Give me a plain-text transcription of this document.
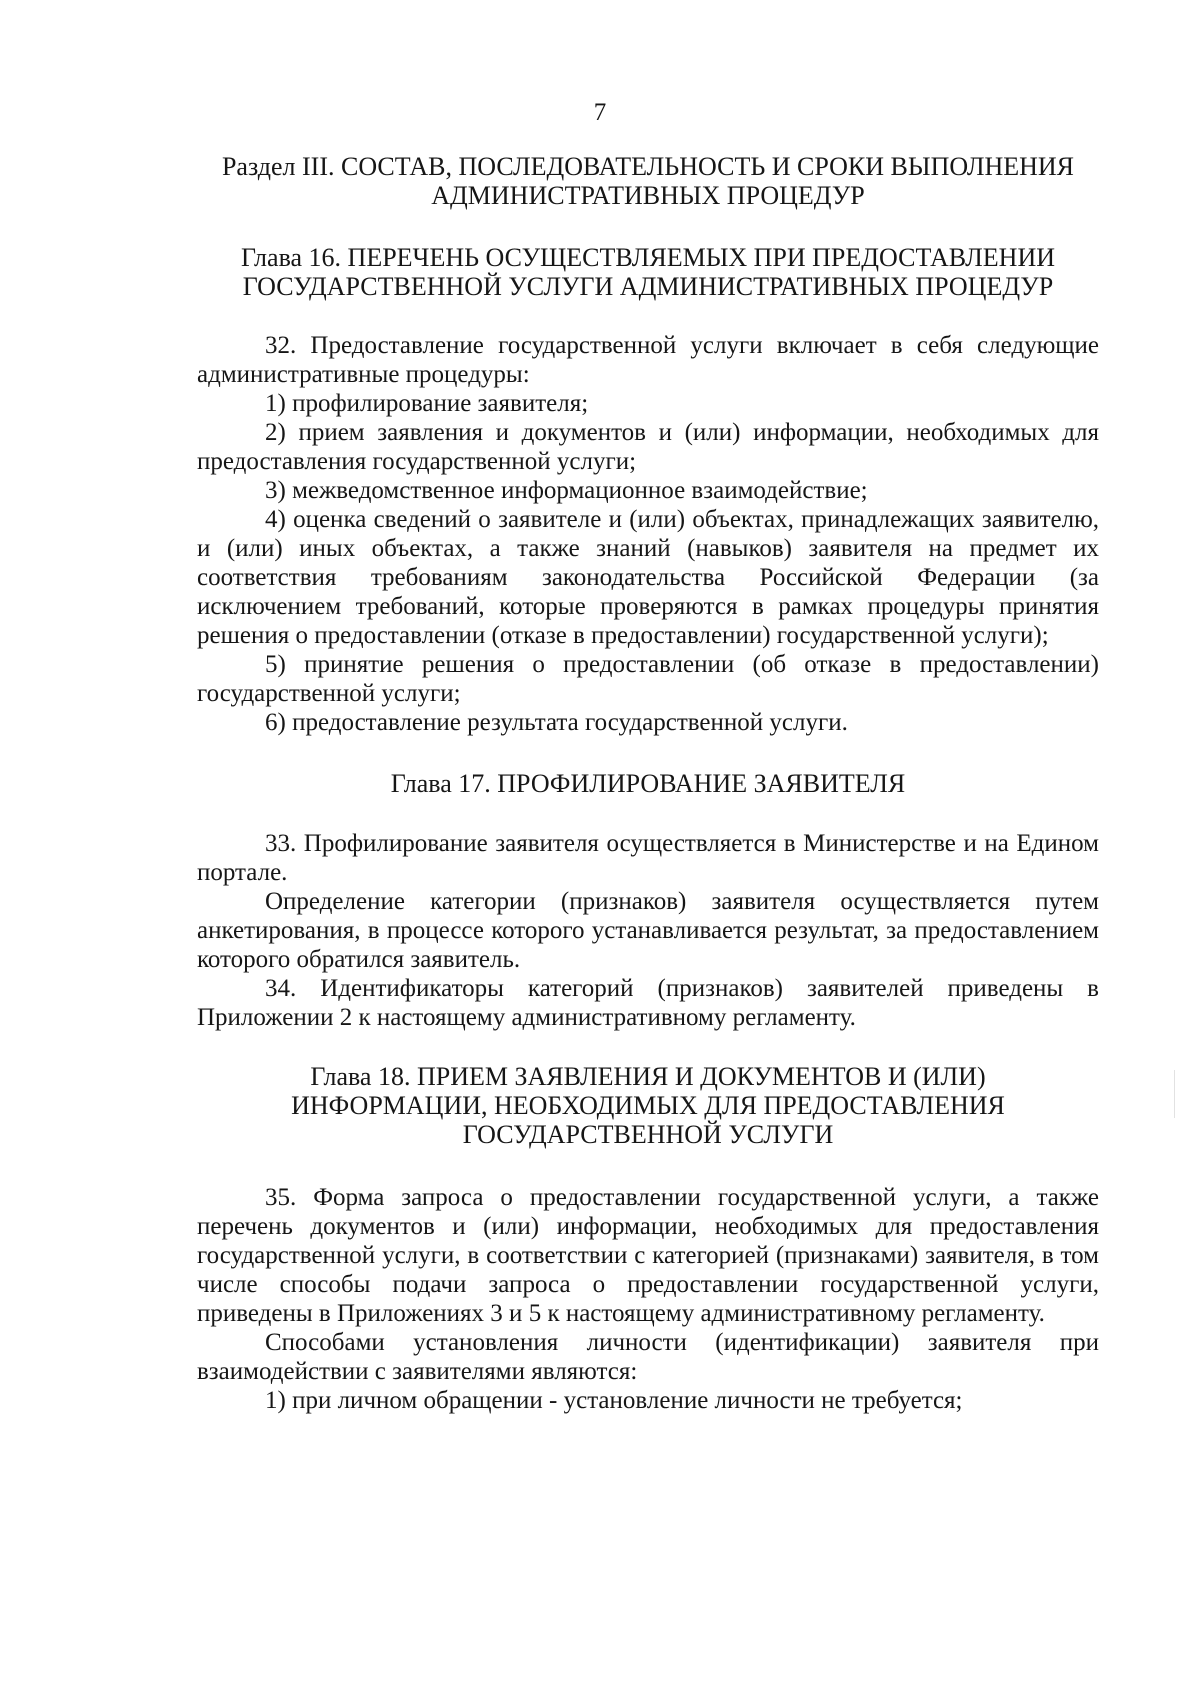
7
Раздел III. СОСТАВ, ПОСЛЕДОВАТЕЛЬНОСТЬ И СРОКИ ВЫПОЛНЕНИЯ
АДМИНИСТРАТИВНЫХ ПРОЦЕДУР
Глава 16. ПЕРЕЧЕНЬ ОСУЩЕСТВЛЯЕМЫХ ПРИ ПРЕДОСТАВЛЕНИИ
ГОСУДАРСТВЕННОЙ УСЛУГИ АДМИНИСТРАТИВНЫХ ПРОЦЕДУР

32. Предоставление государственной услуги включает в себя следующие административные процедуры:

1) профилирование заявителя;

2) прием заявления и документов и (или) информации, необходимых для предоставления государственной услуги;

3) межведомственное информационное взаимодействие;

4) оценка сведений о заявителе и (или) объектах, принадлежащих заявителю, и (или) иных объектах, а также знаний (навыков) заявителя на предмет их соответствия требованиям законодательства Российской Федерации (за исключением требований, которые проверяются в рамках процедуры принятия решения о предоставлении (отказе в предоставлении) государственной услуги);

5) принятие решения о предоставлении (об отказе в предоставлении) государственной услуги;

6) предоставление результата государственной услуги.

Глава 17. ПРОФИЛИРОВАНИЕ ЗАЯВИТЕЛЯ

33. Профилирование заявителя осуществляется в Министерстве и на Едином портале.

Определение категории (признаков) заявителя осуществляется путем анкетирования, в процессе которого устанавливается результат, за предоставлением которого обратился заявитель.

34. Идентификаторы категорий (признаков) заявителей приведены в Приложении 2 к настоящему административному регламенту.

Глава 18. ПРИЕМ ЗАЯВЛЕНИЯ И ДОКУМЕНТОВ И (ИЛИ)
ИНФОРМАЦИИ, НЕОБХОДИМЫХ ДЛЯ ПРЕДОСТАВЛЕНИЯ
ГОСУДАРСТВЕННОЙ УСЛУГИ

35. Форма запроса о предоставлении государственной услуги, а также перечень документов и (или) информации, необходимых для предоставления государственной услуги, в соответствии с категорией (признаками) заявителя, в том числе способы подачи запроса о предоставлении государственной услуги, приведены в Приложениях 3 и 5 к настоящему административному регламенту.

Способами установления личности (идентификации) заявителя при взаимодействии с заявителями являются:

1) при личном обращении - установление личности не требуется;
